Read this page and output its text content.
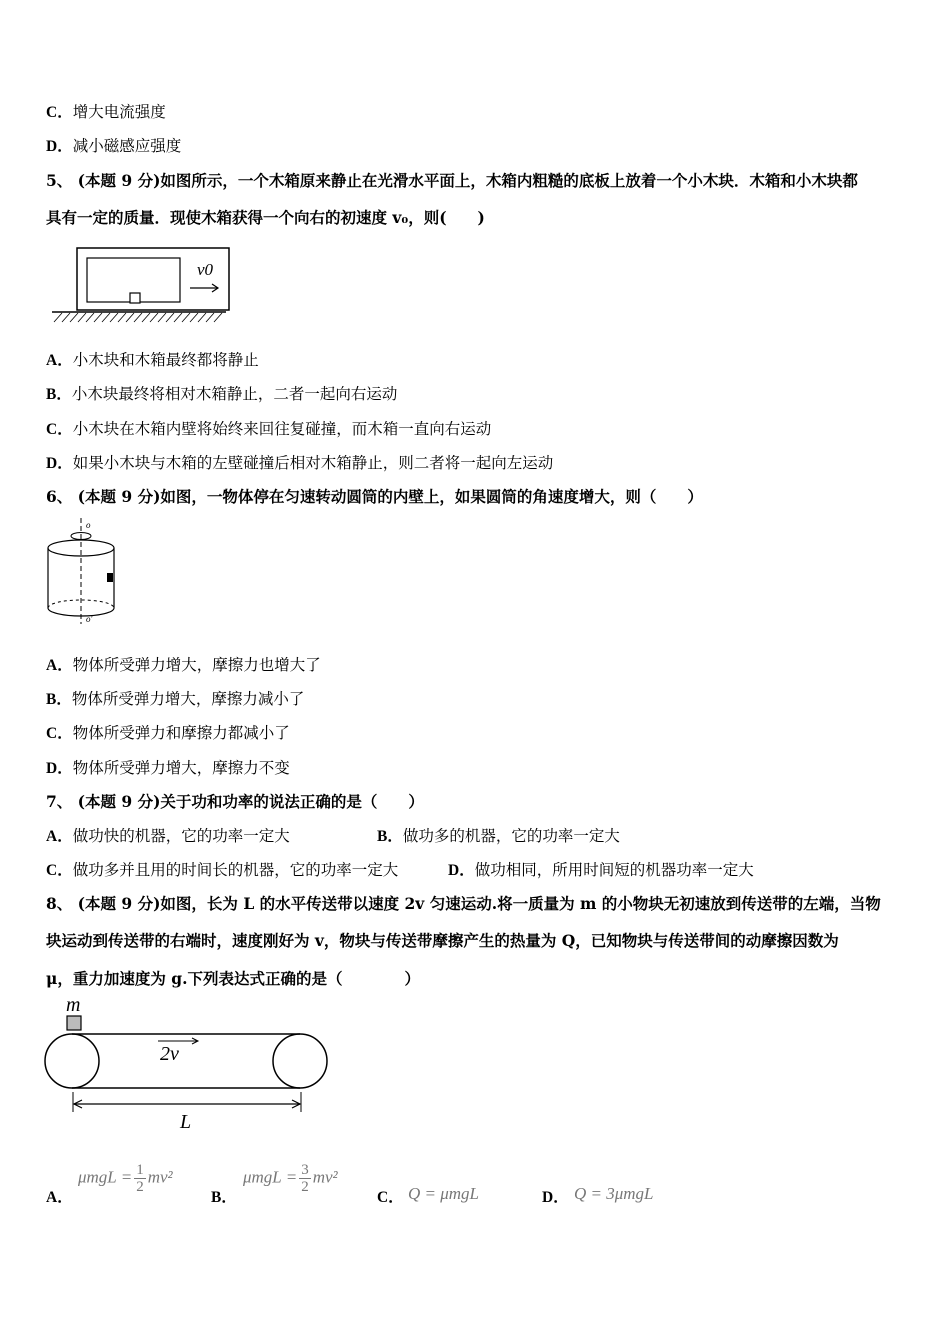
C．增大电流强度
D．减小磁感应强度
5、 (本题 9 分)如图所示，一个木箱原来静止在光滑水平面上，木箱内粗糙的底板上放着一个小木块．木箱和小木块都
具有一定的质量．现使木箱获得一个向右的初速度 v₀，则(　　)
v0
A．小木块和木箱最终都将静止
B．小木块最终将相对木箱静止，二者一起向右运动
C．小木块在木箱内壁将始终来回往复碰撞，而木箱一直向右运动
D．如果小木块与木箱的左壁碰撞后相对木箱静止，则二者将一起向左运动
6、 (本题 9 分)如图，一物体停在匀速转动圆筒的内壁上，如果圆筒的角速度增大，则（　　）
o
o'
A．物体所受弹力增大，摩擦力也增大了
B．物体所受弹力增大，摩擦力减小了
C．物体所受弹力和摩擦力都减小了
D．物体所受弹力增大，摩擦力不变
7、 (本题 9 分)关于功和功率的说法正确的是（　　）
A．做功快的机器，它的功率一定大	B．做功多的机器，它的功率一定大
C．做功多并且用的时间长的机器，它的功率一定大	D．做功相同，所用时间短的机器功率一定大
8、 (本题 9 分)如图，长为 L 的水平传送带以速度 2v 匀速运动.将一质量为 m 的小物块无初速放到传送带的左端，当物
块运动到传送带的右端时，速度刚好为 v，物块与传送带摩擦产生的热量为 Q，已知物块与传送带间的动摩擦因数为
μ，重力加速度为 g.下列表达式正确的是（　　　　）
m
2v
L
A．
$\mu mgL = \frac{1}{2} mv^2$
B．
$\mu mgL = \frac{3}{2} mv^2$
C． Q = μmgL	D． Q = 3μmgL
